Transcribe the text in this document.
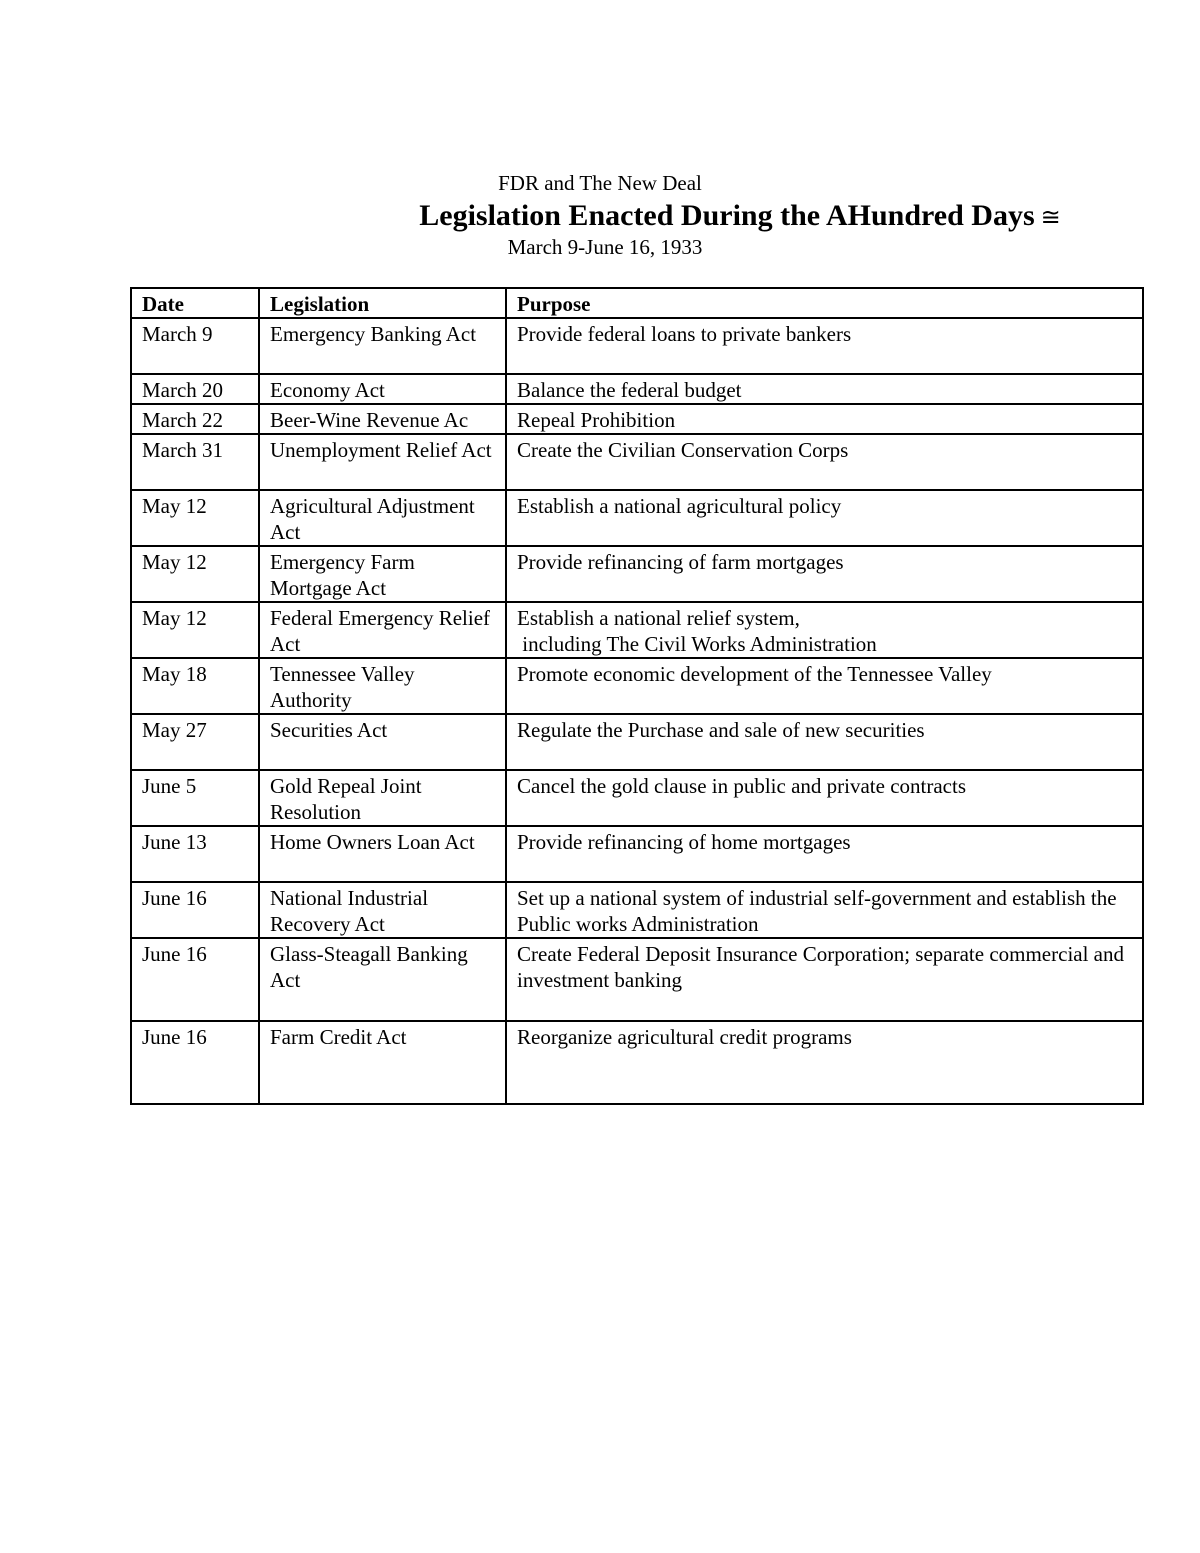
FDR and The New Deal
Legislation Enacted During the AHundred Days ≅
March 9-June 16, 1933
Date	Legislation	Purpose
March 9	Emergency Banking Act	Provide federal loans to private bankers
March 20	Economy Act	Balance the federal budget
March 22	Beer-Wine Revenue Ac	Repeal Prohibition
March 31	Unemployment Relief Act	Create the Civilian Conservation Corps
May 12	Agricultural Adjustment Act	Establish a national agricultural policy
May 12	Emergency Farm Mortgage Act	Provide refinancing of farm mortgages
May 12	Federal Emergency Relief Act	Establish a national relief system,
including The Civil Works Administration

May 18	Tennessee Valley Authority	Promote economic development of the Tennessee Valley
May 27	Securities Act	Regulate the Purchase and sale of new securities
June 5	Gold Repeal Joint Resolution	Cancel the gold clause in public and private contracts
June 13	Home Owners Loan Act	Provide refinancing of home mortgages
June 16	National Industrial Recovery Act	Set up a national system of industrial self-government and establish the Public works Administration
June 16	Glass-Steagall Banking Act	Create Federal Deposit Insurance Corporation; separate commercial and investment banking
June 16	Farm Credit Act	Reorganize agricultural credit programs
